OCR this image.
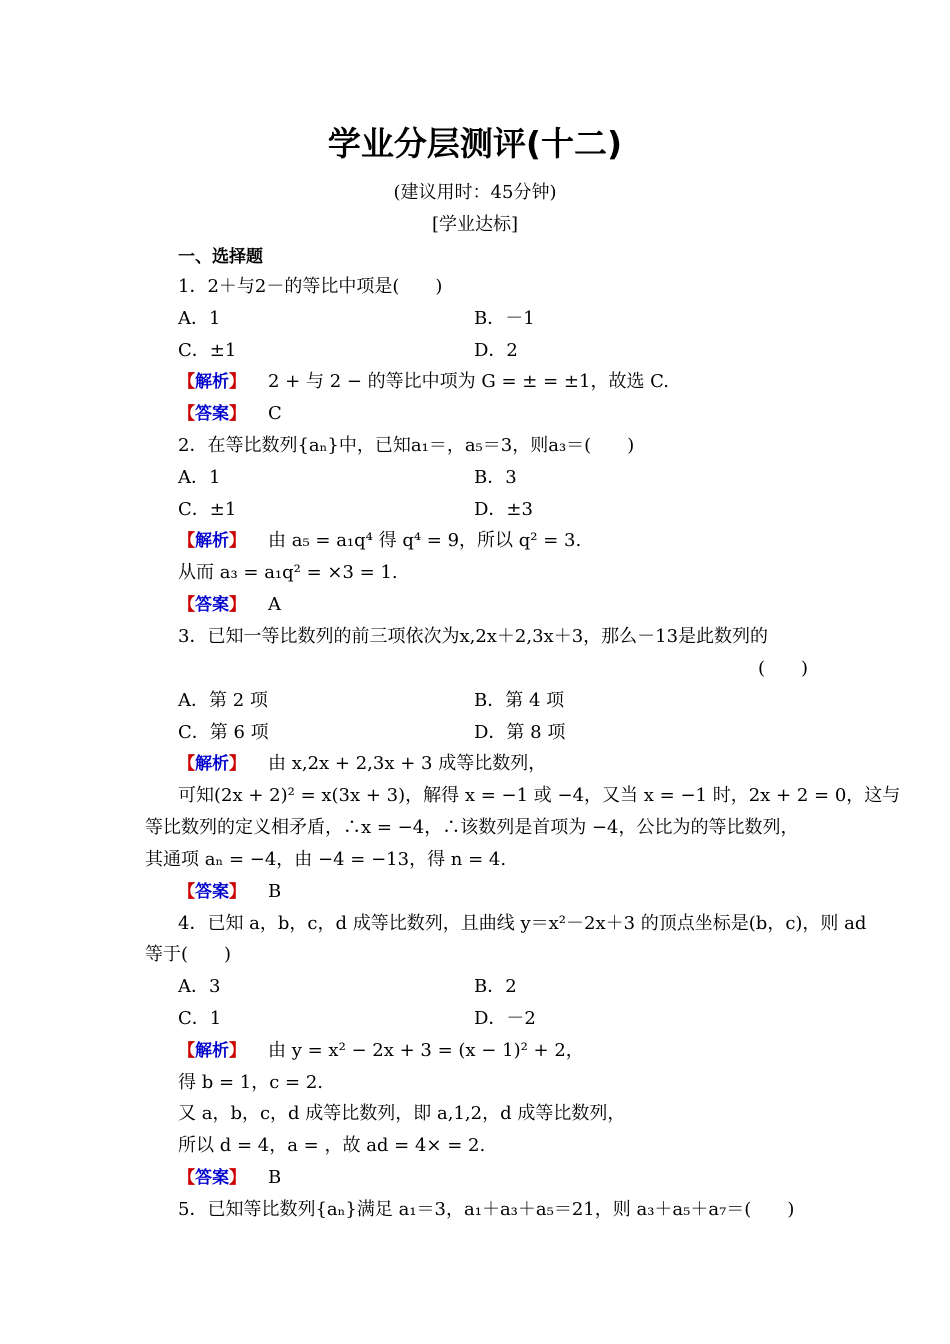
学业分层测评(十二)
(建议用时：45分钟)
[学业达标]
一、选择题
1．2＋与2－的等比中项是(　　)
A．1	B．－1
C．±1	D．2
【解析】 2 + 与 2 − 的等比中项为 G = ± = ±1，故选 C.
【答案】 C
2．在等比数列{aₙ}中，已知a₁＝，a₅＝3，则a₃＝(　　)
A．1	B．3
C．±1	D．±3
【解析】 由 a₅ = a₁q⁴ 得 q⁴ = 9，所以 q² = 3.
从而 a₃ = a₁q² = ×3 = 1.
【答案】 A
3．已知一等比数列的前三项依次为x,2x＋2,3x＋3，那么－13是此数列的
(　　)
A．第 2 项	B．第 4 项
C．第 6 项	D．第 8 项
【解析】 由 x,2x + 2,3x + 3 成等比数列，
可知(2x + 2)² = x(3x + 3)，解得 x = −1 或 −4，又当 x = −1 时，2x + 2 = 0，这与
等比数列的定义相矛盾，∴x = −4，∴该数列是首项为 −4，公比为的等比数列，
其通项 aₙ = −4，由 −4 = −13，得 n = 4.
【答案】 B
4．已知 a，b，c，d 成等比数列，且曲线 y＝x²－2x＋3 的顶点坐标是(b，c)，则 ad
等于(　　)
A．3	B．2
C．1	D．－2
【解析】 由 y = x² − 2x + 3 = (x − 1)² + 2，
得 b = 1，c = 2.
又 a，b，c，d 成等比数列，即 a,1,2，d 成等比数列，
所以 d = 4，a = ，故 ad = 4× = 2.
【答案】 B
5．已知等比数列{aₙ}满足 a₁＝3，a₁＋a₃＋a₅＝21，则 a₃＋a₅＋a₇＝(　　)
